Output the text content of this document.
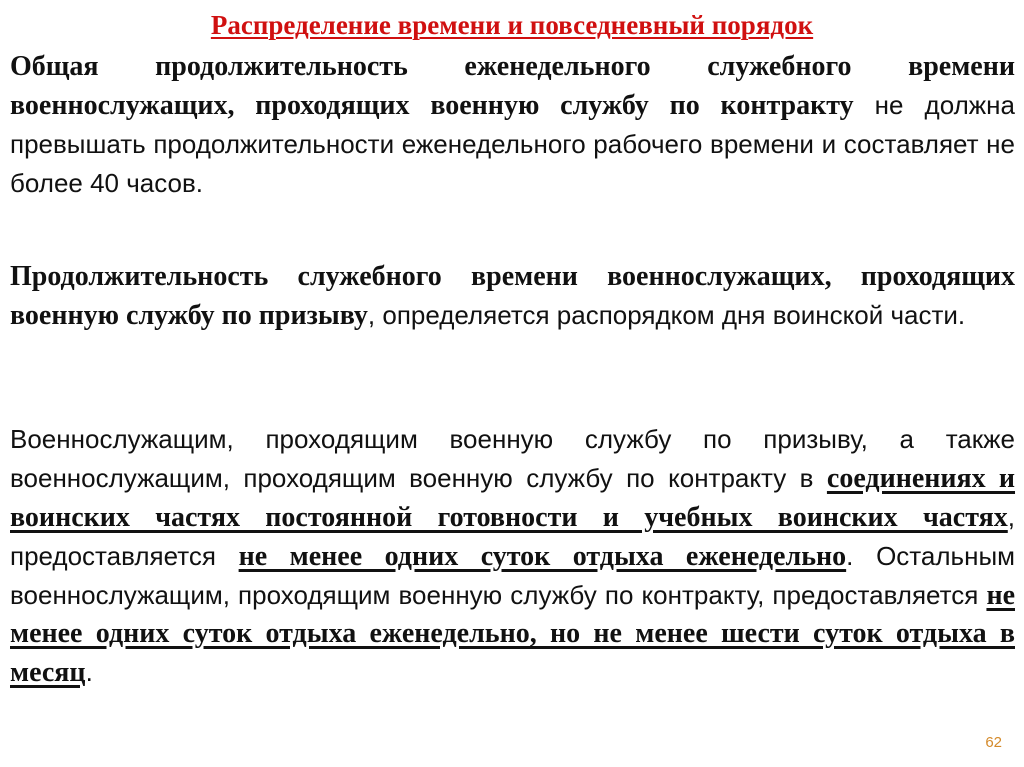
Распределение времени и повседневный порядок

Общая продолжительность еженедельного служебного времени военнослужащих, проходящих военную службу по контракту не должна превышать продолжительности еженедельного рабочего времени и составляет не более 40 часов.

Продолжительность служебного времени военнослужащих, проходящих военную службу по призыву, определяется распорядком дня воинской части.

Военнослужащим, проходящим военную службу по призыву, а также военнослужащим, проходящим военную службу по контракту в соединениях и воинских частях постоянной готовности и учебных воинских частях, предоставляется не менее одних суток отдыха еженедельно. Остальным военнослужащим, проходящим военную службу по контракту, предоставляется не менее одних суток отдыха еженедельно, но не менее шести суток отдыха в месяц.

62
